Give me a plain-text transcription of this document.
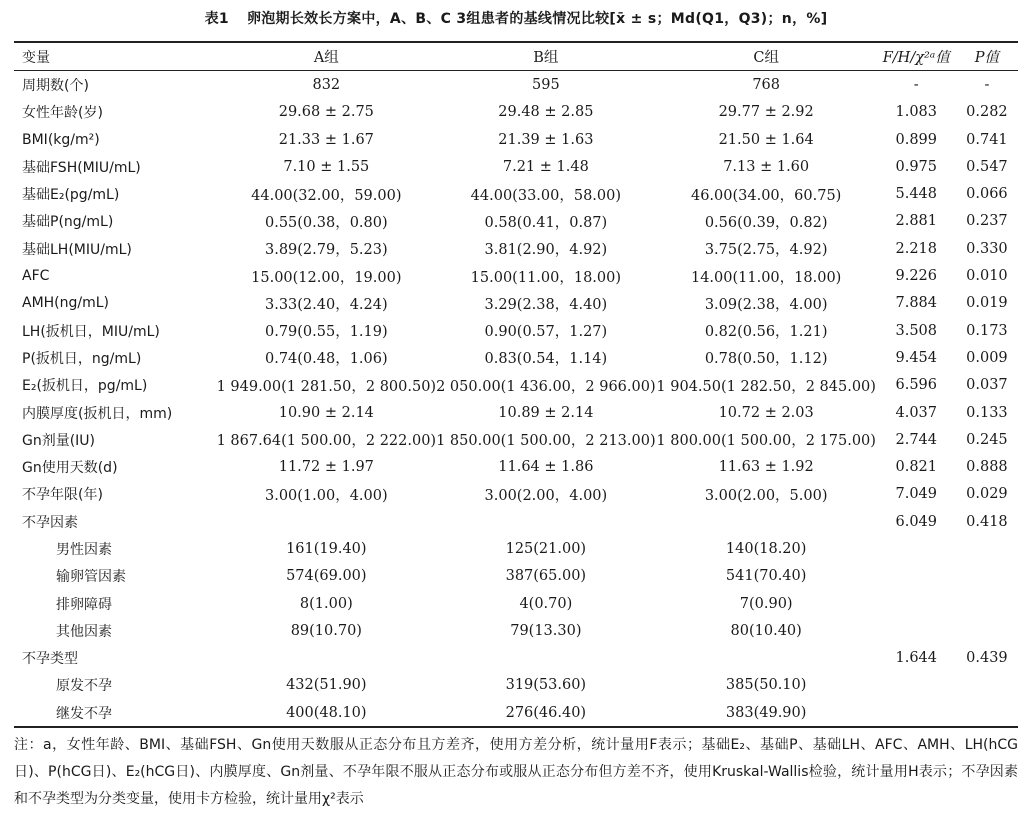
表1 卵泡期长效长方案中，A、B、C 3组患者的基线情况比较[x̄ ± s；Md(Q1，Q3)；n，%]
变量	A组	B组	C组	F/H/χ²ᵃ值	P值
周期数(个)	832	595	768	-	-
女性年龄(岁)	29.68 ± 2.75	29.48 ± 2.85	29.77 ± 2.92	1.083	0.282
BMI(kg/m²)	21.33 ± 1.67	21.39 ± 1.63	21.50 ± 1.64	0.899	0.741
基础FSH(MIU/mL)	7.10 ± 1.55	7.21 ± 1.48	7.13 ± 1.60	0.975	0.547
基础E₂(pg/mL)	44.00(32.00，59.00)	44.00(33.00，58.00)	46.00(34.00，60.75)	5.448	0.066
基础P(ng/mL)	0.55(0.38，0.80)	0.58(0.41，0.87)	0.56(0.39，0.82)	2.881	0.237
基础LH(MIU/mL)	3.89(2.79，5.23)	3.81(2.90，4.92)	3.75(2.75，4.92)	2.218	0.330
AFC	15.00(12.00，19.00)	15.00(11.00，18.00)	14.00(11.00，18.00)	9.226	0.010
AMH(ng/mL)	3.33(2.40，4.24)	3.29(2.38，4.40)	3.09(2.38，4.00)	7.884	0.019
LH(扳机日，MIU/mL)	0.79(0.55，1.19)	0.90(0.57，1.27)	0.82(0.56，1.21)	3.508	0.173
P(扳机日，ng/mL)	0.74(0.48，1.06)	0.83(0.54，1.14)	0.78(0.50，1.12)	9.454	0.009
E₂(扳机日，pg/mL)	1 949.00(1 281.50，2 800.50)	2 050.00(1 436.00，2 966.00)	1 904.50(1 282.50，2 845.00)	6.596	0.037
内膜厚度(扳机日，mm)	10.90 ± 2.14	10.89 ± 2.14	10.72 ± 2.03	4.037	0.133
Gn剂量(IU)	1 867.64(1 500.00，2 222.00)	1 850.00(1 500.00，2 213.00)	1 800.00(1 500.00，2 175.00)	2.744	0.245
Gn使用天数(d)	11.72 ± 1.97	11.64 ± 1.86	11.63 ± 1.92	0.821	0.888
不孕年限(年)	3.00(1.00，4.00)	3.00(2.00，4.00)	3.00(2.00，5.00)	7.049	0.029
不孕因素				6.049	0.418
男性因素	161(19.40)	125(21.00)	140(18.20)		
输卵管因素	574(69.00)	387(65.00)	541(70.40)		
排卵障碍	8(1.00)	4(0.70)	7(0.90)		
其他因素	89(10.70)	79(13.30)	80(10.40)		
不孕类型				1.644	0.439
原发不孕	432(51.90)	319(53.60)	385(50.10)		
继发不孕	400(48.10)	276(46.40)	383(49.90)		
注：a，女性年龄、BMI、基础FSH、Gn使用天数服从正态分布且方差齐，使用方差分析，统计量用F表示；基础E₂、基础P、基础LH、AFC、AMH、LH(hCG日)、P(hCG日)、E₂(hCG日)、内膜厚度、Gn剂量、不孕年限不服从正态分布或服从正态分布但方差不齐，使用Kruskal-Wallis检验，统计量用H表示；不孕因素和不孕类型为分类变量，使用卡方检验，统计量用χ²表示
